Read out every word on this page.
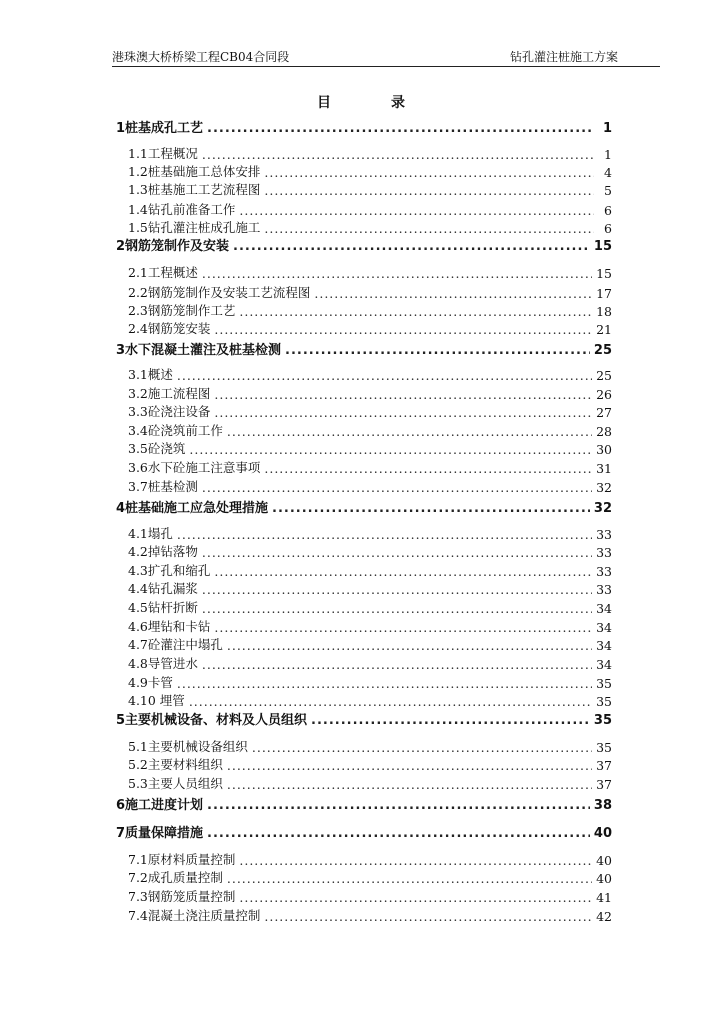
港珠澳大桥桥梁工程CB04合同段	钻孔灌注桩施工方案
目	录
1桩基成孔工艺 .....	1
1.1工程概况 .....	1
1.2桩基础施工总体安排 .....	4
1.3桩基施工工艺流程图 .....	5
1.4钻孔前准备工作 .....	6
1.5钻孔灌注桩成孔施工 .....	6
2钢筋笼制作及安装 .....	15
2.1工程概述 .....	15
2.2钢筋笼制作及安装工艺流程图 .....	17
2.3钢筋笼制作工艺 .....	18
2.4钢筋笼安装 .....	21
3水下混凝土灌注及桩基检测 .....	25
3.1概述 .....	25
3.2施工流程图 .....	26
3.3砼浇注设备 .....	27
3.4砼浇筑前工作 .....	28
3.5砼浇筑 .....	30
3.6水下砼施工注意事项 .....	31
3.7桩基检测 .....	32
4桩基础施工应急处理措施 .....	32
4.1塌孔 .....	33
4.2掉钻落物 .....	33
4.3扩孔和缩孔 .....	33
4.4钻孔漏浆 .....	33
4.5钻杆折断 .....	34
4.6埋钻和卡钻 .....	34
4.7砼灌注中塌孔 .....	34
4.8导管进水 .....	34
4.9卡管 .....	35
4.10 埋管 .....	35
5主要机械设备、材料及人员组织 .....	35
5.1主要机械设备组织 .....	35
5.2主要材料组织 .....	37
5.3主要人员组织 .....	37
6施工进度计划 .....	38
7质量保障措施 .....	40
7.1原材料质量控制 .....	40
7.2成孔质量控制 .....	40
7.3钢筋笼质量控制 .....	41
7.4混凝土浇注质量控制 .....	42
